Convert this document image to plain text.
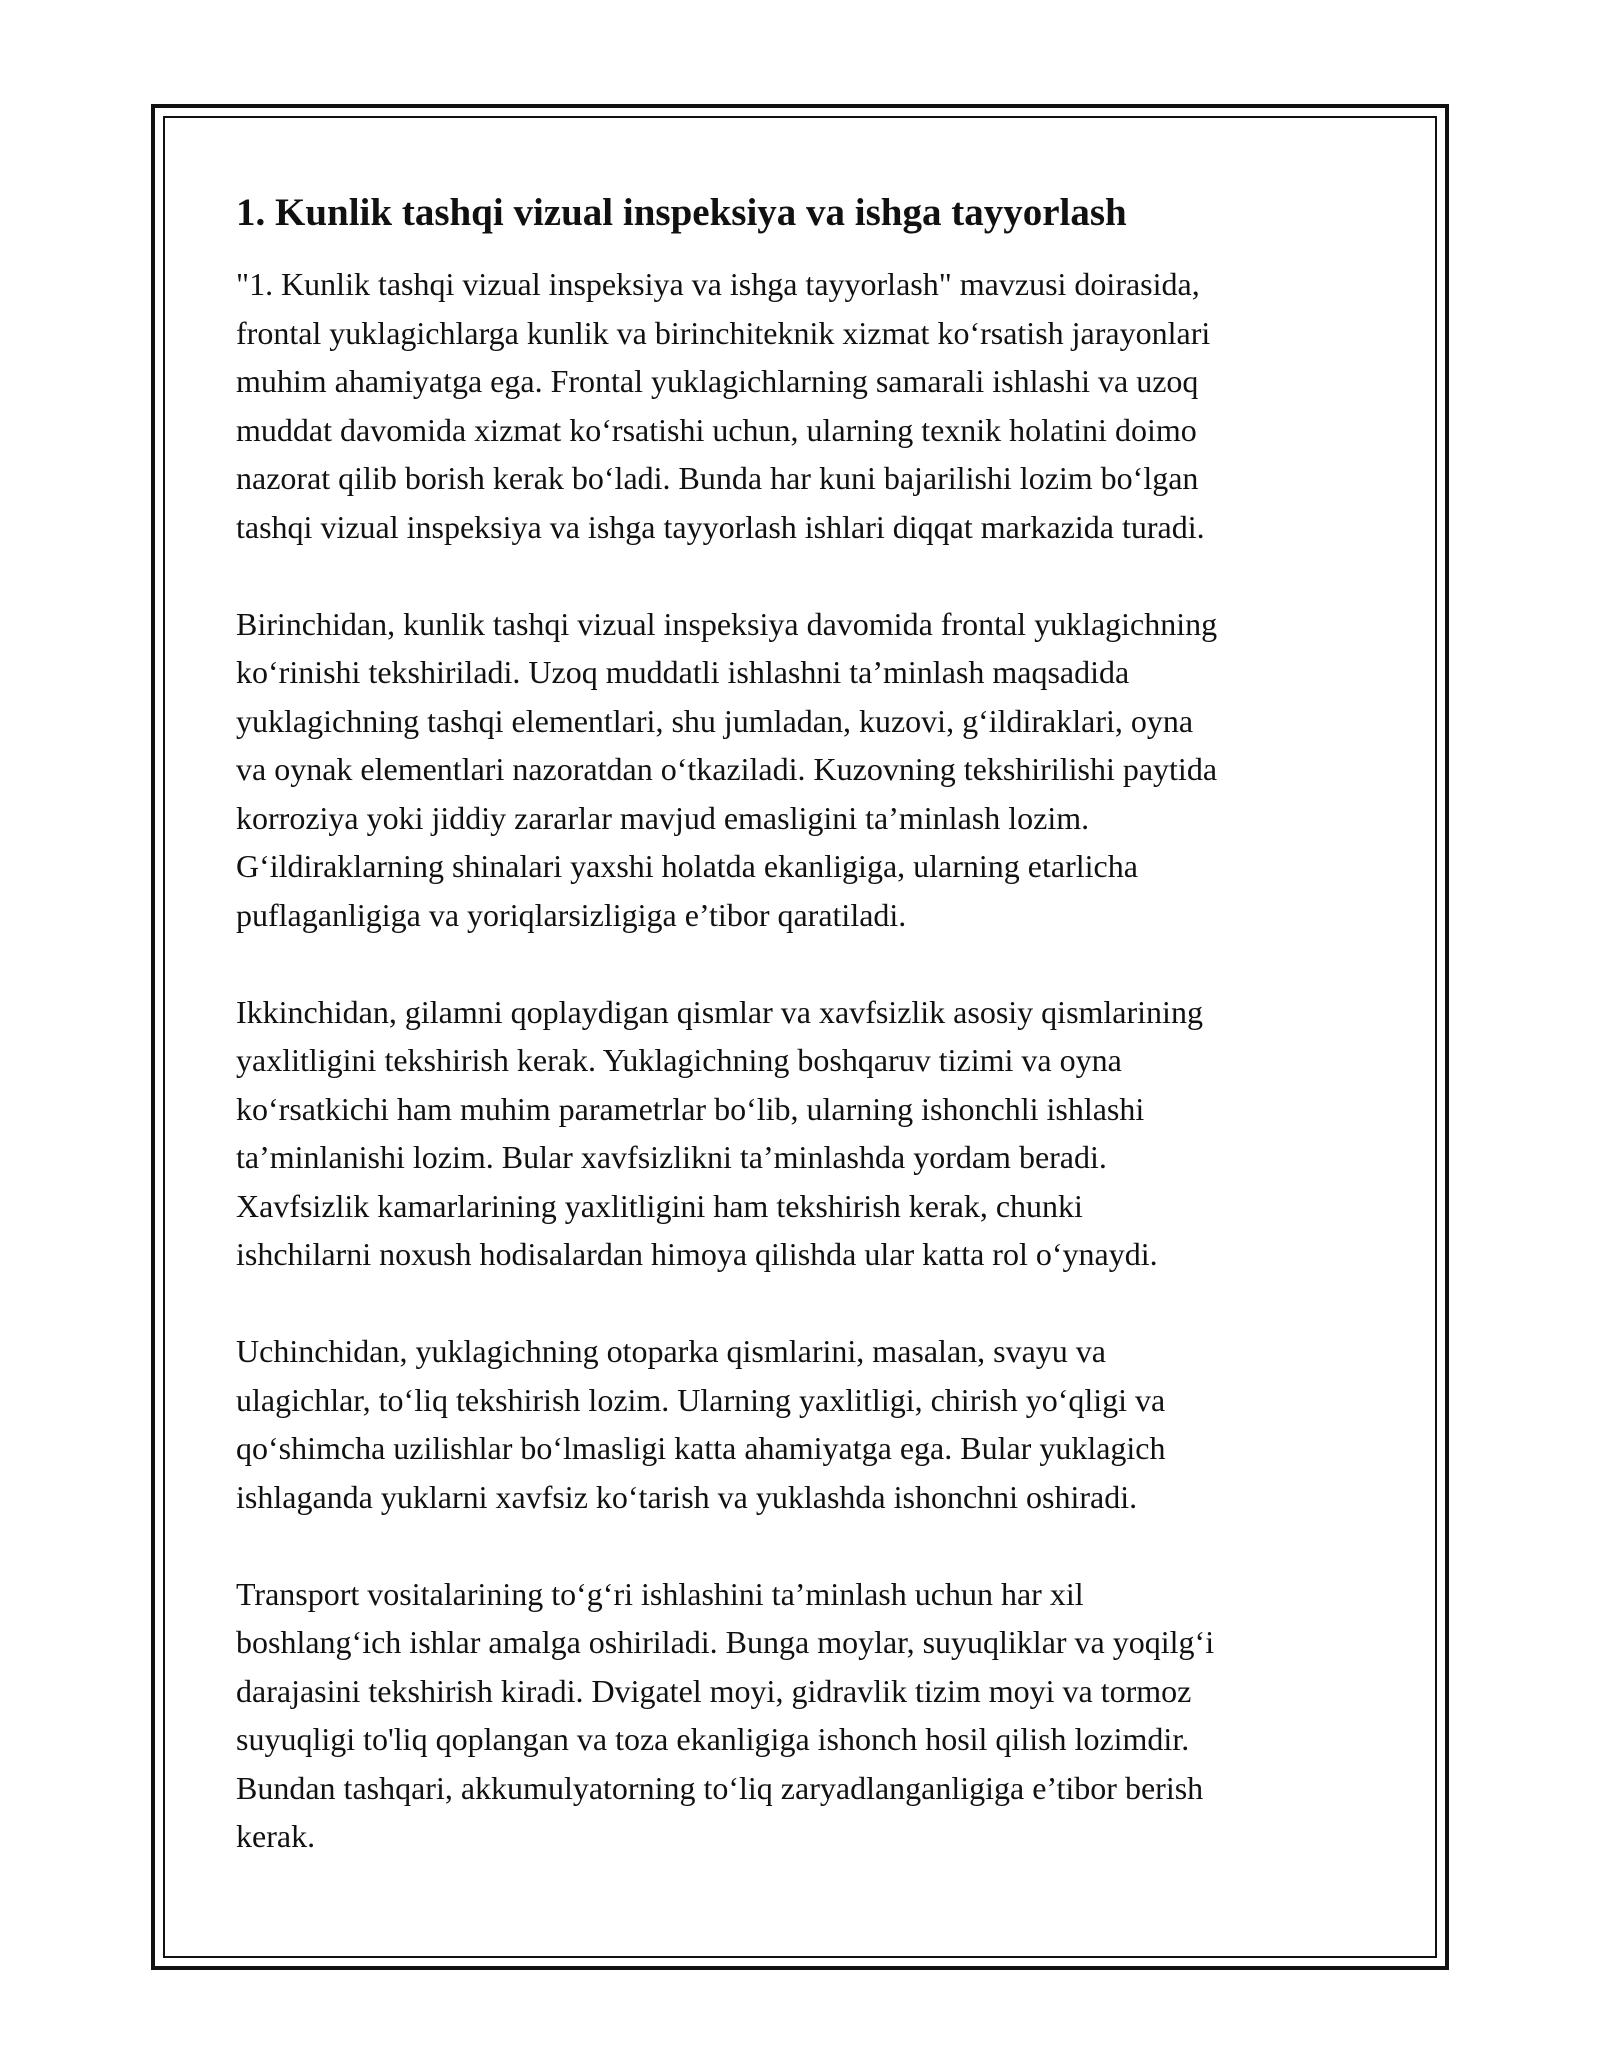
1. Kunlik tashqi vizual inspeksiya va ishga tayyorlash

"1. Kunlik tashqi vizual inspeksiya va ishga tayyorlash" mavzusi doirasida,
frontal yuklagichlarga kunlik va birinchiteknik xizmat koʻrsatish jarayonlari
muhim ahamiyatga ega. Frontal yuklagichlarning samarali ishlashi va uzoq
muddat davomida xizmat koʻrsatishi uchun, ularning texnik holatini doimo
nazorat qilib borish kerak boʻladi. Bunda har kuni bajarilishi lozim boʻlgan
tashqi vizual inspeksiya va ishga tayyorlash ishlari diqqat markazida turadi.

Birinchidan, kunlik tashqi vizual inspeksiya davomida frontal yuklagichning
koʻrinishi tekshiriladi. Uzoq muddatli ishlashni ta’minlash maqsadida
yuklagichning tashqi elementlari, shu jumladan, kuzovi, gʻildiraklari, oyna
va oynak elementlari nazoratdan oʻtkaziladi. Kuzovning tekshirilishi paytida
korroziya yoki jiddiy zararlar mavjud emasligini ta’minlash lozim.
Gʻildiraklarning shinalari yaxshi holatda ekanligiga, ularning etarlicha
puflaganligiga va yoriqlarsizligiga e’tibor qaratiladi.

Ikkinchidan, gilamni qoplaydigan qismlar va xavfsizlik asosiy qismlarining
yaxlitligini tekshirish kerak. Yuklagichning boshqaruv tizimi va oyna
koʻrsatkichi ham muhim parametrlar boʻlib, ularning ishonchli ishlashi
ta’minlanishi lozim. Bular xavfsizlikni ta’minlashda yordam beradi.
Xavfsizlik kamarlarining yaxlitligini ham tekshirish kerak, chunki
ishchilarni noxush hodisalardan himoya qilishda ular katta rol oʻynaydi.

Uchinchidan, yuklagichning otoparka qismlarini, masalan, svayu va
ulagichlar, toʻliq tekshirish lozim. Ularning yaxlitligi, chirish yoʻqligi va
qoʻshimcha uzilishlar boʻlmasligi katta ahamiyatga ega. Bular yuklagich
ishlaganda yuklarni xavfsiz koʻtarish va yuklashda ishonchni oshiradi.

Transport vositalarining toʻgʻri ishlashini ta’minlash uchun har xil
boshlangʻich ishlar amalga oshiriladi. Bunga moylar, suyuqliklar va yoqilgʻi
darajasini tekshirish kiradi. Dvigatel moyi, gidravlik tizim moyi va tormoz
suyuqligi to'liq qoplangan va toza ekanligiga ishonch hosil qilish lozimdir.
Bundan tashqari, akkumulyatorning toʻliq zaryadlanganligiga e’tibor berish
kerak.
